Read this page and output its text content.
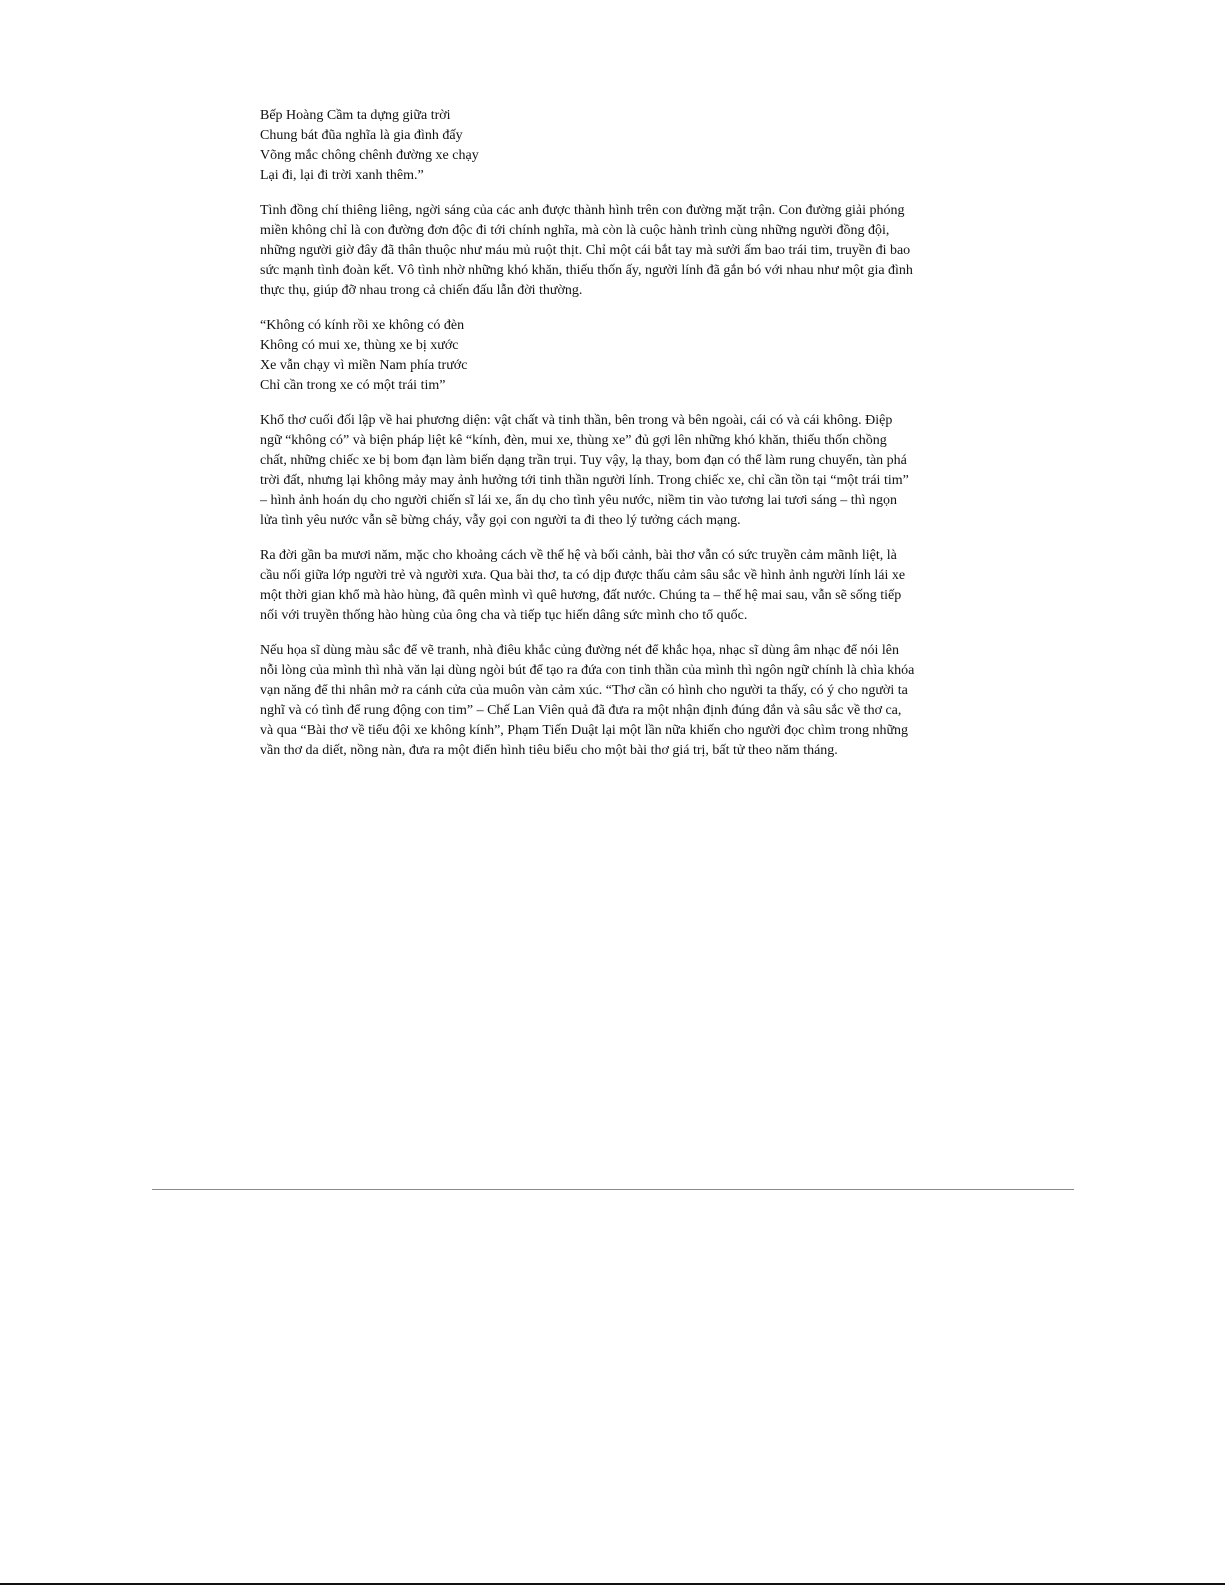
Bếp Hoàng Cầm ta dựng giữa trời
Chung bát đũa nghĩa là gia đình đấy
Võng mắc chông chênh đường xe chạy
Lại đi, lại đi trời xanh thêm.”
Tình đồng chí thiêng liêng, ngời sáng của các anh được thành hình trên con đường mặt trận. Con đường giải phóng
miền không chỉ là con đường đơn độc đi tới chính nghĩa, mà còn là cuộc hành trình cùng những người đồng đội,
những người giờ đây đã thân thuộc như máu mủ ruột thịt. Chỉ một cái bắt tay mà sưởi ấm bao trái tim, truyền đi bao
sức mạnh tình đoàn kết. Vô tình nhờ những khó khăn, thiếu thốn ấy, người lính đã gắn bó với nhau như một gia đình
thực thụ, giúp đỡ nhau trong cả chiến đấu lẫn đời thường.
“Không có kính rồi xe không có đèn
Không có mui xe, thùng xe bị xước
Xe vẫn chạy vì miền Nam phía trước
Chỉ cần trong xe có một trái tim”
Khổ thơ cuối đối lập về hai phương diện: vật chất và tinh thần, bên trong và bên ngoài, cái có và cái không. Điệp
ngữ “không có” và biện pháp liệt kê “kính, đèn, mui xe, thùng xe” đủ gợi lên những khó khăn, thiếu thốn chồng
chất, những chiếc xe bị bom đạn làm biến dạng trần trụi. Tuy vậy, lạ thay, bom đạn có thể làm rung chuyển, tàn phá
trời đất, nhưng lại không mảy may ảnh hưởng tới tinh thần người lính. Trong chiếc xe, chỉ cần tồn tại “một trái tim”
– hình ảnh hoán dụ cho người chiến sĩ lái xe, ẩn dụ cho tình yêu nước, niềm tin vào tương lai tươi sáng – thì ngọn
lửa tình yêu nước vẫn sẽ bừng cháy, vẫy gọi con người ta đi theo lý tưởng cách mạng.
Ra đời gần ba mươi năm, mặc cho khoảng cách về thế hệ và bối cảnh, bài thơ vẫn có sức truyền cảm mãnh liệt, là
cầu nối giữa lớp người trẻ và người xưa. Qua bài thơ, ta có dịp được thấu cảm sâu sắc về hình ảnh người lính lái xe
một thời gian khổ mà hào hùng, đã quên mình vì quê hương, đất nước. Chúng ta – thế hệ mai sau, vẫn sẽ sống tiếp
nối với truyền thống hào hùng của ông cha và tiếp tục hiến dâng sức mình cho tổ quốc.
Nếu họa sĩ dùng màu sắc để vẽ tranh, nhà điêu khắc củng đường nét để khắc họa, nhạc sĩ dùng âm nhạc để nói lên
nỗi lòng của mình thì nhà văn lại dùng ngòi bút để tạo ra đứa con tinh thần của mình thì ngôn ngữ chính là chìa khóa
vạn năng để thi nhân mở ra cánh cửa của muôn vàn cảm xúc. “Thơ cần có hình cho người ta thấy, có ý cho người ta
nghĩ và có tình để rung động con tim” – Chế Lan Viên quả đã đưa ra một nhận định đúng đắn và sâu sắc về thơ ca,
và qua “Bài thơ về tiểu đội xe không kính”, Phạm Tiến Duật lại một lần nữa khiến cho người đọc chìm trong những
vần thơ da diết, nồng nàn, đưa ra một điển hình tiêu biểu cho một bài thơ giá trị, bất tử theo năm tháng.
